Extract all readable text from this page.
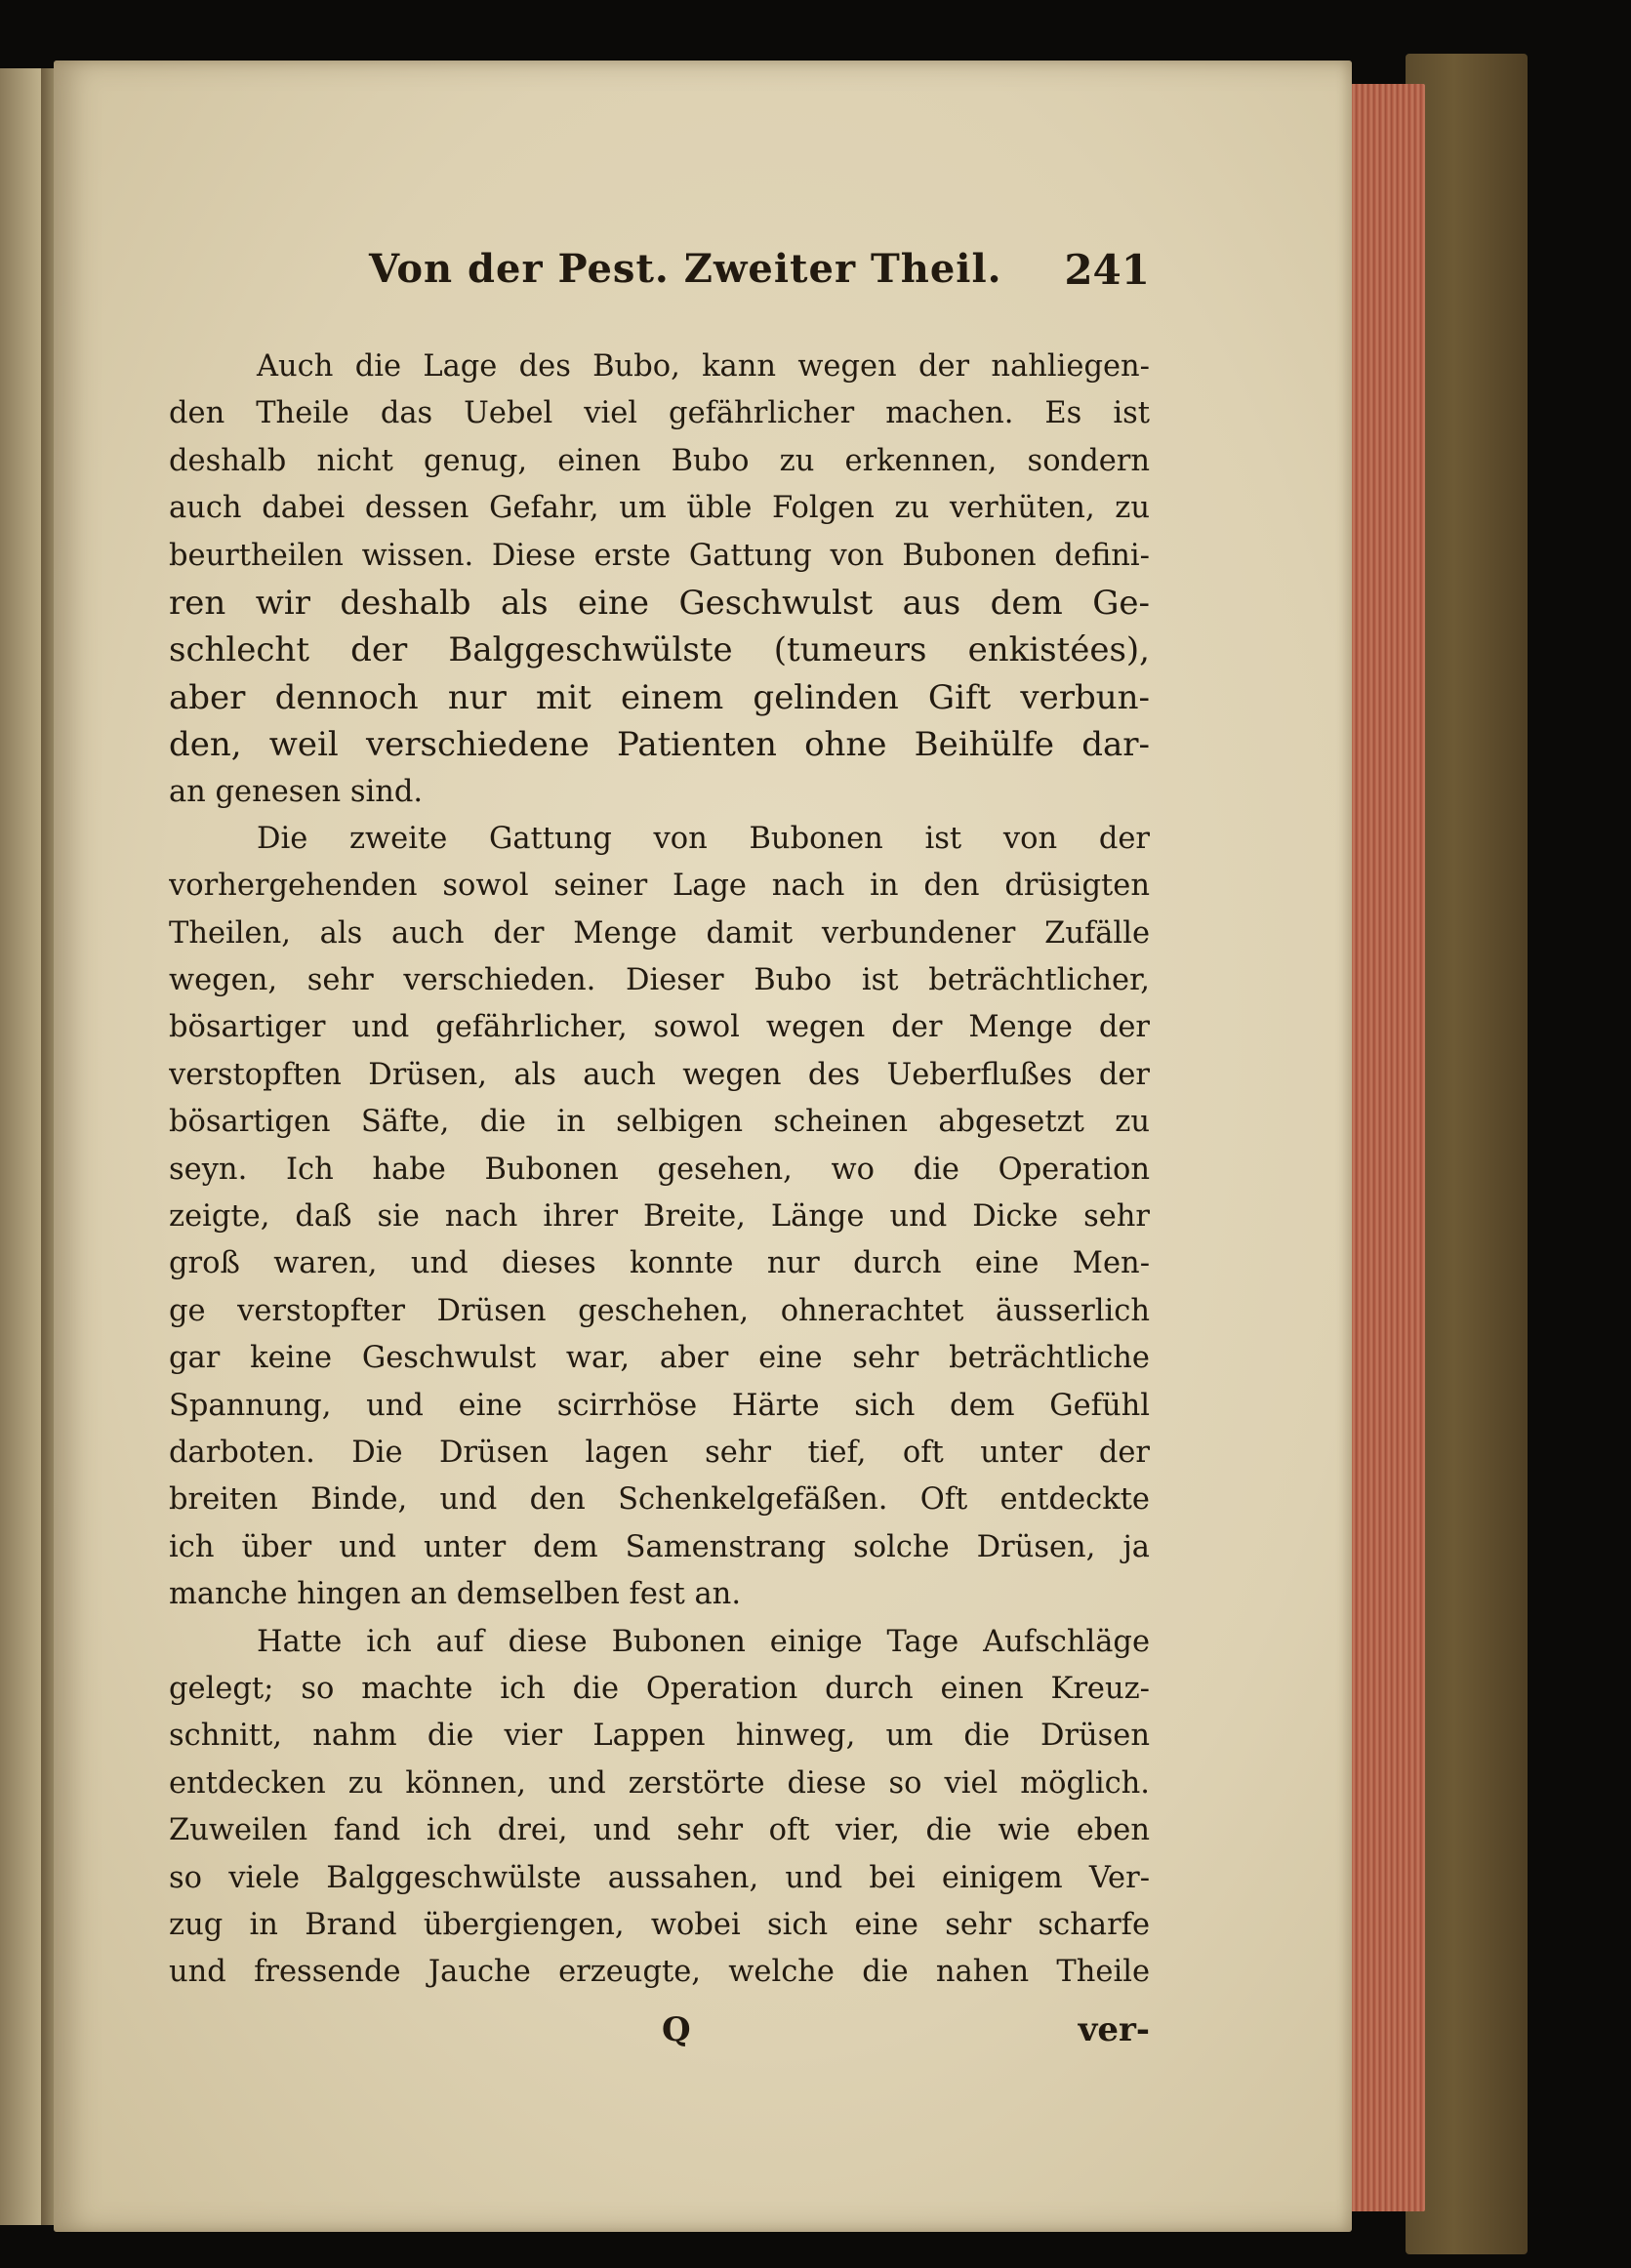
Von der Pest. Zweiter Theil. 241
Auch die Lage des Bubo, kann wegen der nahliegen-
den Theile das Uebel viel gefährlicher machen. Es ist
deshalb nicht genug, einen Bubo zu erkennen, sondern
auch dabei dessen Gefahr, um üble Folgen zu verhüten, zu
beurtheilen wissen. Diese erste Gattung von Bubonen defini-
ren wir deshalb als eine Geschwulst aus dem Ge-
schlecht der Balggeschwülste (tumeurs enkistées),
aber dennoch nur mit einem gelinden Gift verbun-
den, weil verschiedene Patienten ohne Beihülfe dar-
an genesen sind.
Die zweite Gattung von Bubonen ist von der
vorhergehenden sowol seiner Lage nach in den drüsigten
Theilen, als auch der Menge damit verbundener Zufälle
wegen, sehr verschieden. Dieser Bubo ist beträchtlicher,
bösartiger und gefährlicher, sowol wegen der Menge der
verstopften Drüsen, als auch wegen des Ueberflußes der
bösartigen Säfte, die in selbigen scheinen abgesetzt zu
seyn. Ich habe Bubonen gesehen, wo die Operation
zeigte, daß sie nach ihrer Breite, Länge und Dicke sehr
groß waren, und dieses konnte nur durch eine Men-
ge verstopfter Drüsen geschehen, ohnerachtet äusserlich
gar keine Geschwulst war, aber eine sehr beträchtliche
Spannung, und eine scirrhöse Härte sich dem Gefühl
darboten. Die Drüsen lagen sehr tief, oft unter der
breiten Binde, und den Schenkelgefäßen. Oft entdeckte
ich über und unter dem Samenstrang solche Drüsen, ja
manche hingen an demselben fest an.
Hatte ich auf diese Bubonen einige Tage Aufschläge
gelegt; so machte ich die Operation durch einen Kreuz-
schnitt, nahm die vier Lappen hinweg, um die Drüsen
entdecken zu können, und zerstörte diese so viel möglich.
Zuweilen fand ich drei, und sehr oft vier, die wie eben
so viele Balggeschwülste aussahen, und bei einigem Ver-
zug in Brand übergiengen, wobei sich eine sehr scharfe
und fressende Jauche erzeugte, welche die nahen Theile
Q	ver-
